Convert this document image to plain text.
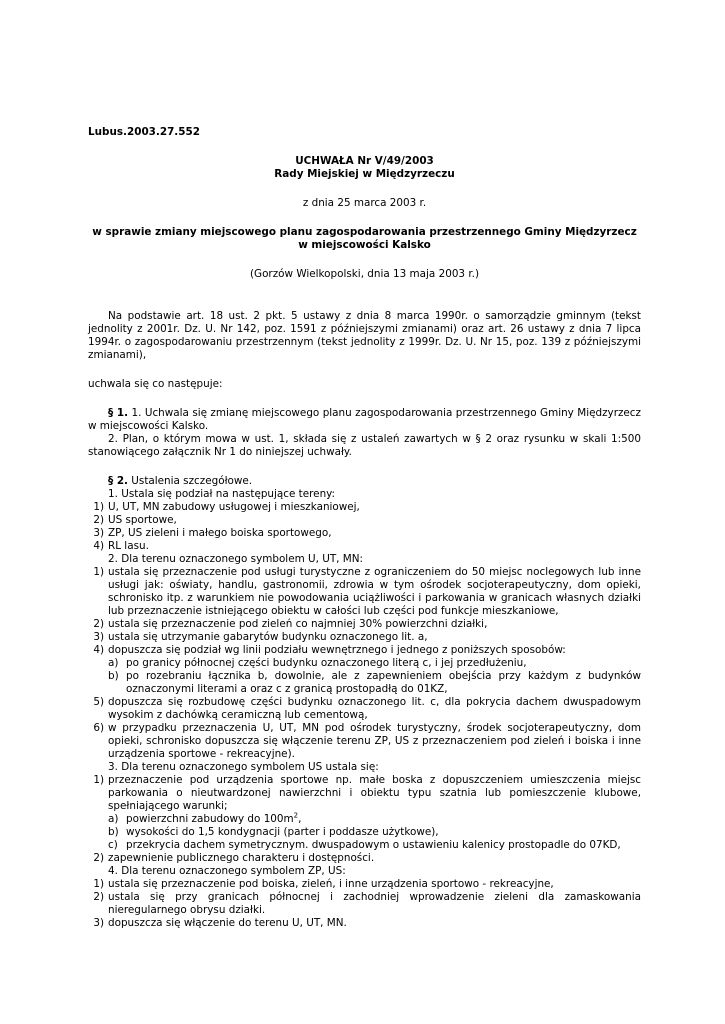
Lubus.2003.27.552

UCHWAŁA Nr V/49/2003

Rady Miejskiej w Międzyrzeczu

z dnia 25 marca 2003 r.

w sprawie zmiany miejscowego planu zagospodarowania przestrzennego Gminy Międzyrzecz w miejscowości Kalsko

(Gorzów Wielkopolski, dnia 13 maja 2003 r.)

Na podstawie art. 18 ust. 2 pkt. 5 ustawy z dnia 8 marca 1990r. o samorządzie gminnym (tekst jednolity z 2001r. Dz. U. Nr 142, poz. 1591 z późniejszymi zmianami) oraz art. 26 ustawy z dnia 7 lipca 1994r. o zagospodarowaniu przestrzennym (tekst jednolity z 1999r. Dz. U. Nr 15, poz. 139 z późniejszymi zmianami),

uchwala się co następuje:

§ 1. 1. Uchwala się zmianę miejscowego planu zagospodarowania przestrzennego Gminy Międzyrzecz w miejscowości Kalsko.

2. Plan, o którym mowa w ust. 1, składa się z ustaleń zawartych w § 2 oraz rysunku w skali 1:500 stanowiącego załącznik Nr 1 do niniejszej uchwały.

§ 2. Ustalenia szczegółowe.

1. Ustala się podział na następujące tereny:

1) U, UT, MN zabudowy usługowej i mieszkaniowej,
2) US sportowe,
3) ZP, US zieleni i małego boiska sportowego,
4) RL lasu.

2. Dla terenu oznaczonego symbolem U, UT, MN:

1) ustala się przeznaczenie pod usługi turystyczne z ograniczeniem do 50 miejsc noclegowych lub inne usługi jak: oświaty, handlu, gastronomii, zdrowia w tym ośrodek socjoterapeutyczny, dom opieki, schronisko itp. z warunkiem nie powodowania uciążliwości i parkowania w granicach własnych działki lub przeznaczenie istniejącego obiektu w całości lub części pod funkcje mieszkaniowe,
2) ustala się przeznaczenie pod zieleń co najmniej 30% powierzchni działki,
3) ustala się utrzymanie gabarytów budynku oznaczonego lit. a,
4) dopuszcza się podział wg linii podziału wewnętrznego i jednego z poniższych sposobów:
a) po granicy północnej części budynku oznaczonego literą c, i jej przedłużeniu,
b) po rozebraniu łącznika b, dowolnie, ale z zapewnieniem obejścia przy każdym z budynków oznaczonymi literami a oraz c z granicą prostopadłą do 01KZ,
5) dopuszcza się rozbudowę części budynku oznaczonego lit. c, dla pokrycia dachem dwuspadowym wysokim z dachówką ceramiczną lub cementową,
6) w przypadku przeznaczenia U, UT, MN pod ośrodek turystyczny, środek socjoterapeutyczny, dom opieki, schronisko dopuszcza się włączenie terenu ZP, US z przeznaczeniem pod zieleń i boiska i inne urządzenia sportowe - rekreacyjne).

3. Dla terenu oznaczonego symbolem US ustala się:

1) przeznaczenie pod urządzenia sportowe np. małe boska z dopuszczeniem umieszczenia miejsc parkowania o nieutwardzonej nawierzchni i obiektu typu szatnia lub pomieszczenie klubowe, spełniającego warunki;
a) powierzchni zabudowy do $100m^2$,
b) wysokości do 1,5 kondygnacji (parter i poddasze użytkowe),
c) przekrycia dachem symetrycznym. dwuspadowym o ustawieniu kalenicy prostopadle do 07KD,
2) zapewnienie publicznego charakteru i dostępności.

4. Dla terenu oznaczonego symbolem ZP, US:

1) ustala się przeznaczenie pod boiska, zieleń, i inne urządzenia sportowo - rekreacyjne,
2) ustala się przy granicach północnej i zachodniej wprowadzenie zieleni dla zamaskowania nieregularnego obrysu działki.
3) dopuszcza się włączenie do terenu U, UT, MN.
